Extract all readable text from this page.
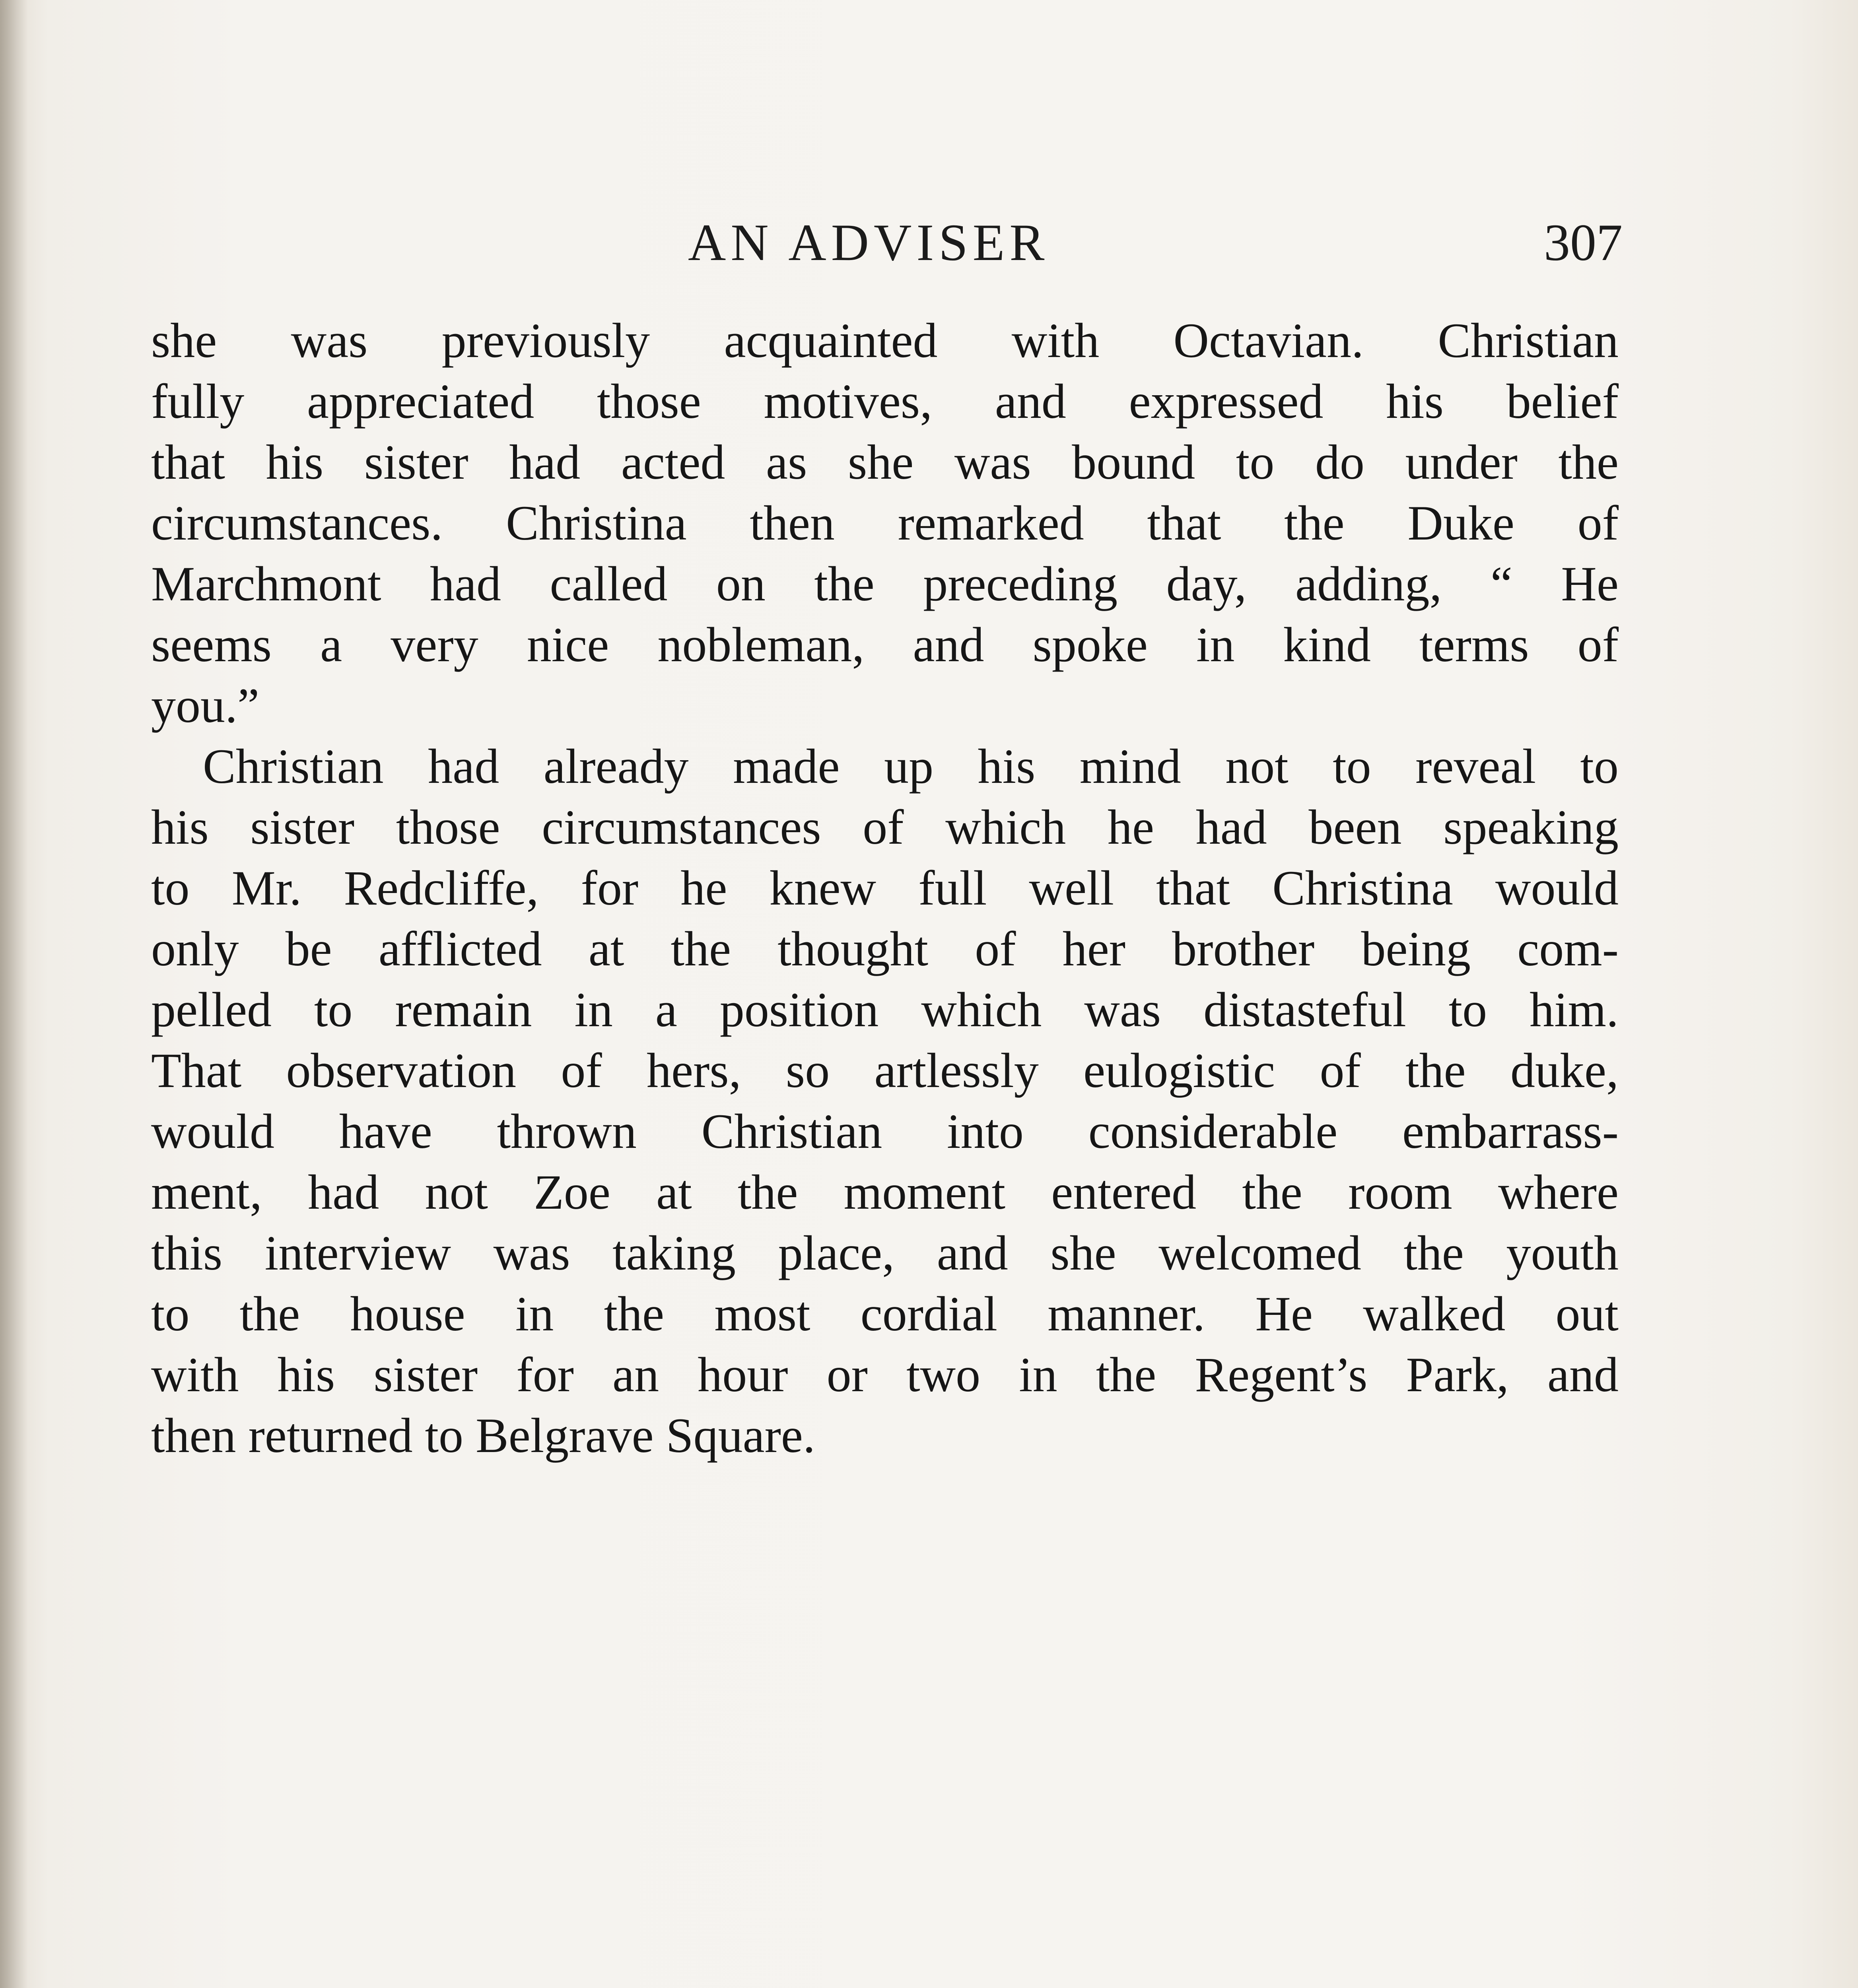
AN ADVISER	307
she was previously acquainted with Octavian. Christian
fully appreciated those motives, and expressed his belief
that his sister had acted as she was bound to do under the
circumstances. Christina then remarked that the Duke of
Marchmont had called on the preceding day, adding, “ He
seems a very nice nobleman, and spoke in kind terms of
you.”
Christian had already made up his mind not to reveal to
his sister those circumstances of which he had been speaking
to Mr. Redcliffe, for he knew full well that Christina would
only be afflicted at the thought of her brother being com-
pelled to remain in a position which was distasteful to him.
That observation of hers, so artlessly eulogistic of the duke,
would have thrown Christian into considerable embarrass-
ment, had not Zoe at the moment entered the room where
this interview was taking place, and she welcomed the youth
to the house in the most cordial manner. He walked out
with his sister for an hour or two in the Regent’s Park, and
then returned to Belgrave Square.
